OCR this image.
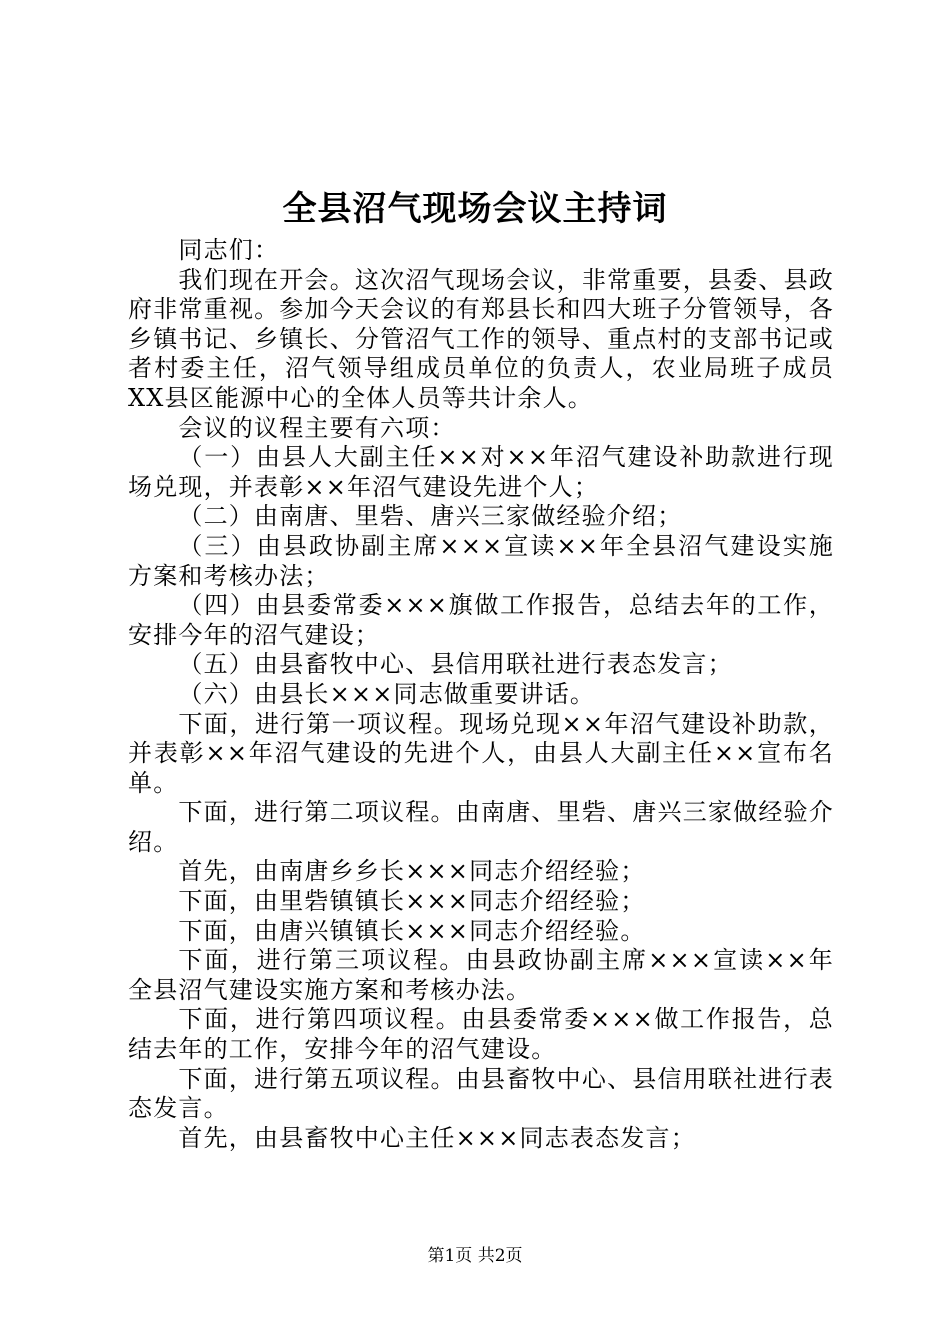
全县沼气现场会议主持词

同志们：

我们现在开会。这次沼气现场会议，非常重要，县委、县政府非常重视。参加今天会议的有郑县长和四大班子分管领导，各乡镇书记、乡镇长、分管沼气工作的领导、重点村的支部书记或者村委主任，沼气领导组成员单位的负责人，农业局班子成员XX县区能源中心的全体人员等共计余人。

会议的议程主要有六项：

（一）由县人大副主任××对××年沼气建设补助款进行现场兑现，并表彰××年沼气建设先进个人；

（二）由南唐、里砦、唐兴三家做经验介绍；

（三）由县政协副主席×××宣读××年全县沼气建设实施方案和考核办法；

（四）由县委常委×××旗做工作报告，总结去年的工作，安排今年的沼气建设；

（五）由县畜牧中心、县信用联社进行表态发言；

（六）由县长×××同志做重要讲话。

下面，进行第一项议程。现场兑现××年沼气建设补助款，并表彰××年沼气建设的先进个人，由县人大副主任××宣布名单。

下面，进行第二项议程。由南唐、里砦、唐兴三家做经验介绍。

首先，由南唐乡乡长×××同志介绍经验；

下面，由里砦镇镇长×××同志介绍经验；

下面，由唐兴镇镇长×××同志介绍经验。

下面，进行第三项议程。由县政协副主席×××宣读××年全县沼气建设实施方案和考核办法。

下面，进行第四项议程。由县委常委×××做工作报告，总结去年的工作，安排今年的沼气建设。

下面，进行第五项议程。由县畜牧中心、县信用联社进行表态发言。

首先，由县畜牧中心主任×××同志表态发言；

第1页 共2页
